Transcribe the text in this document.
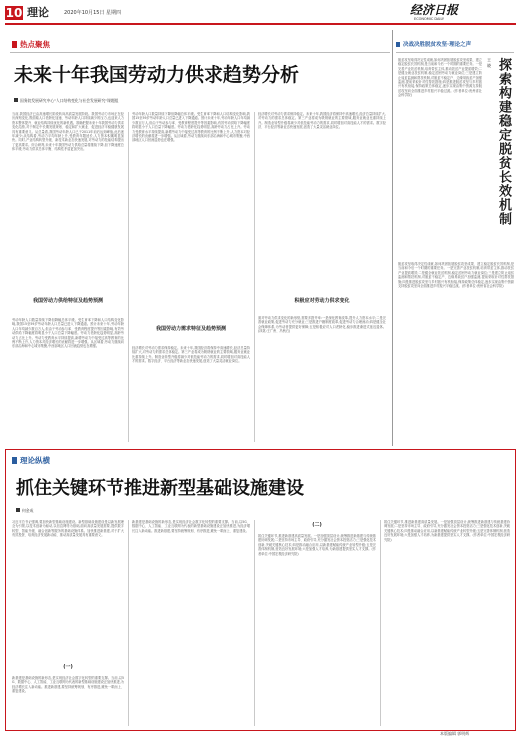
10 理论	2020年10月15日 星期四	经济日报
ECONOMIC DAILY
热点聚焦
未来十年我国劳动力供求趋势分析
国务院发展研究中心"人口结构变化与社会发展研究"课题组
当前,我国经济已由高速增长阶段转向高质量发展阶段。我国劳动力市场正在经历深刻变化,既面临人口老龄化加速、劳动年龄人口持续减少的压力,也迎来人力资本整体提升、就业结构持续优化的新机遇。准确把握未来十年我国劳动力供求变化趋势,对于制定中长期发展规划、稳定和扩大就业、促进经济平稳健康发展具有重要意义。从总量看,我国劳动年龄人口已于2011年前后达到峰值,此后逐年减少;从结构看,劳动力平均年龄上升,受教育年限延长,人力资本积累明显加快。同时,产业结构转型升级、新技术新业态快速发展,对劳动力的技能结构提出了更高要求。综合研判,未来十年我国劳动力供给总量将继续下降,但下降速度总体平缓,劳动力供求总体平衡、结构性矛盾更加突出。
我国劳动力供给特征及趋势预测
劳动年龄人口数量持续下降但降幅总体平缓。受生育率下降和人口结构变化影响,我国15至59岁劳动年龄人口总量已进入下降通道。预计未来十年,劳动年龄人口年均减少数百万人,但由于劳动参与率、受教育程度提升等因素影响,有效劳动供给下降幅度将明显小于人口总量下降幅度。劳动力老龄化趋势明显,高龄劳动力占比上升。劳动力受教育水平持续提高,新增劳动力中接受过高等教育的比例不断上升,人力资本对经济增长的贡献将进一步增强。从区域看,劳动力继续向东部沿海和中心城市集聚,中西部地区人口回流趋势也在增强。
劳动年龄人口数量持续下降但降幅总体平缓。受生育率下降和人口结构变化影响,我国15至59岁劳动年龄人口总量已进入下降通道。预计未来十年,劳动年龄人口年均减少数百万人,但由于劳动参与率、受教育程度提升等因素影响,有效劳动供给下降幅度将明显小于人口总量下降幅度。劳动力老龄化趋势明显,高龄劳动力占比上升。劳动力受教育水平持续提高,新增劳动力中接受过高等教育的比例不断上升,人力资本对经济增长的贡献将进一步增强。从区域看,劳动力继续向东部沿海和中心城市集聚,中西部地区人口回流趋势也在增强。
我国劳动力需求特征及趋势预测
经济增长对劳动力需求保持稳定。未来十年,我国经济将保持中高速增长,经济总量持续扩大,对劳动力的需求总体稳定。第三产业将成为吸纳就业的主要领域,服务业就业比重持续上升。制造业转型升级将减少对低技能劳动力的需求,同时增加对高技能人才的需求。数字经济、平台经济等新业态快速发展,创造了大量灵活就业岗位。
经济增长对劳动力需求保持稳定。未来十年,我国经济将保持中高速增长,经济总量持续扩大,对劳动力的需求总体稳定。第三产业将成为吸纳就业的主要领域,服务业就业比重持续上升。制造业转型升级将减少对低技能劳动力的需求,同时增加对高技能人才的需求。数字经济、平台经济等新业态快速发展,创造了大量灵活就业岗位。
积极应对劳动力供求变化
面对劳动力供求变化的新形势,需要多措并举:一是深化教育改革,提升人力资本水平;二是完善就业政策,促进劳动力充分就业;三是推进户籍制度改革,促进劳动力合理流动;四是健全社会保障体系,为劳动者提供更好保障;五是积极应对人口老龄化,稳步推进渐进式延迟退休。(执笔:王广州、冯秋石)
决战决胜脱贫攻坚·理论之声
探索构建稳定脱贫长效机制
王 晓
脱贫攻坚取得决定性成就,如何巩固拓展脱贫攻坚成果、建立稳定脱贫长效机制,是当前和今后一个时期的重要任务。一是完善产业扶贫机制,培育带贫主体,推动扶贫产业提质增效;二是健全就业扶贫机制,稳定贫困劳动力就业岗位;三是建立防止返贫监测和帮扶机制,对脱贫不稳定户、边缘易致贫户加强监测,提前采取针对性帮扶措施;四是推进脱贫攻坚与乡村振兴有机衔接,保持政策总体稳定,逐步实现由集中资源支持脱贫攻坚向全面推进乡村振兴平稳过渡。(作者单位:贵州省社会科学院)
脱贫攻坚取得决定性成就,如何巩固拓展脱贫攻坚成果、建立稳定脱贫长效机制,是当前和今后一个时期的重要任务。一是完善产业扶贫机制,培育带贫主体,推动扶贫产业提质增效;二是健全就业扶贫机制,稳定贫困劳动力就业岗位;三是建立防止返贫监测和帮扶机制,对脱贫不稳定户、边缘易致贫户加强监测,提前采取针对性帮扶措施;四是推进脱贫攻坚与乡村振兴有机衔接,保持政策总体稳定,逐步实现由集中资源支持脱贫攻坚向全面推进乡村振兴平稳过渡。(作者单位:贵州省社会科学院)
理论纵横
抓住关键环节推进新型基础设施建设
何金成
习近平总书记强调,要加快新型基础设施建设。新型基础设施建设是以新发展理念为引领,以技术创新为驱动,以信息网络为基础,面向高质量发展需要,提供数字转型、智能升级、融合创新等服务的基础设施体系。加快推进新基建,对于扩大有效投资、培育经济发展新动能、推动高质量发展具有重要意义。
(一)
新基建是基础设施的新形态,是实现经济社会数字化转型的重要支撑。当前,以5G、数据中心、人工智能、工业互联网为代表的新型基础设施建设正加快推进,为经济增长注入新动能。推进新基建,要坚持统筹规划、有序推进,避免一哄而上、重复建设。
新基建是基础设施的新形态,是实现经济社会数字化转型的重要支撑。当前,以5G、数据中心、人工智能、工业互联网为代表的新型基础设施建设正加快推进,为经济增长注入新动能。推进新基建,要坚持统筹规划、有序推进,避免一哄而上、重复建设。
(二)
抓住关键环节,推进新基建高质量发展。一是加强顶层设计,统筹推进新基建与传统基建协调发展;二是坚持市场主导、政府引导,充分激发社会资本投资活力;三是强化技术创新,突破关键核心技术;四是推动融合应用,以新基建赋能传统产业转型升级;五是完善体制机制,营造良好发展环境;六是加强人才培养,为新基建提供坚实人才支撑。(作者单位:中国宏观经济研究院)
抓住关键环节,推进新基建高质量发展。一是加强顶层设计,统筹推进新基建与传统基建协调发展;二是坚持市场主导、政府引导,充分激发社会资本投资活力;三是强化技术创新,突破关键核心技术;四是推动融合应用,以新基建赋能传统产业转型升级;五是完善体制机制,营造良好发展环境;六是加强人才培养,为新基建提供坚实人才支撑。(作者单位:中国宏观经济研究院)
本版编辑 郭明辉
